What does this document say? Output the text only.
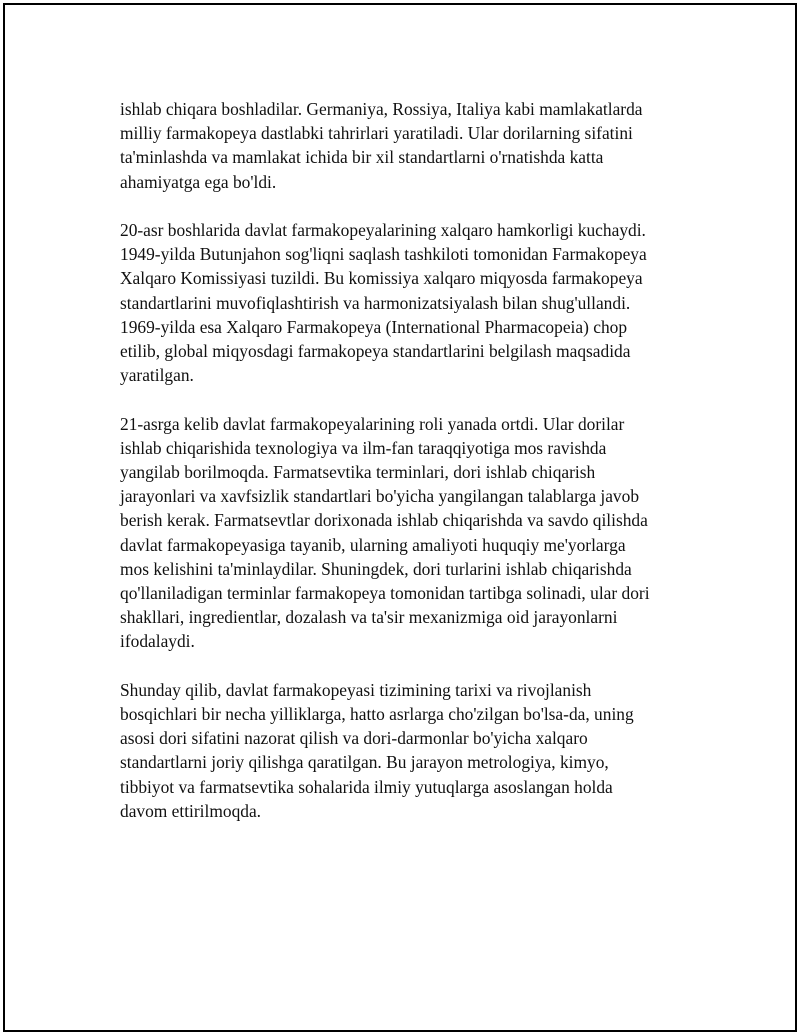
ishlab chiqara boshladilar. Germaniya, Rossiya, Italiya kabi mamlakatlarda
milliy farmakopeya dastlabki tahrirlari yaratiladi. Ular dorilarning sifatini
ta'minlashda va mamlakat ichida bir xil standartlarni o'rnatishda katta
ahamiyatga ega bo'ldi.

20-asr boshlarida davlat farmakopeyalarining xalqaro hamkorligi kuchaydi.
1949-yilda Butunjahon sog'liqni saqlash tashkiloti tomonidan Farmakopeya
Xalqaro Komissiyasi tuzildi. Bu komissiya xalqaro miqyosda farmakopeya
standartlarini muvofiqlashtirish va harmonizatsiyalash bilan shug'ullandi.
1969-yilda esa Xalqaro Farmakopeya (International Pharmacopeia) chop
etilib, global miqyosdagi farmakopeya standartlarini belgilash maqsadida
yaratilgan.

21-asrga kelib davlat farmakopeyalarining roli yanada ortdi. Ular dorilar
ishlab chiqarishida texnologiya va ilm-fan taraqqiyotiga mos ravishda
yangilab borilmoqda. Farmatsevtika terminlari, dori ishlab chiqarish
jarayonlari va xavfsizlik standartlari bo'yicha yangilangan talablarga javob
berish kerak. Farmatsevtlar dorixonada ishlab chiqarishda va savdo qilishda
davlat farmakopeyasiga tayanib, ularning amaliyoti huquqiy me'yorlarga
mos kelishini ta'minlaydilar. Shuningdek, dori turlarini ishlab chiqarishda
qo'llaniladigan terminlar farmakopeya tomonidan tartibga solinadi, ular dori
shakllari, ingredientlar, dozalash va ta'sir mexanizmiga oid jarayonlarni
ifodalaydi.

Shunday qilib, davlat farmakopeyasi tizimining tarixi va rivojlanish
bosqichlari bir necha yilliklarga, hatto asrlarga cho'zilgan bo'lsa-da, uning
asosi dori sifatini nazorat qilish va dori-darmonlar bo'yicha xalqaro
standartlarni joriy qilishga qaratilgan. Bu jarayon metrologiya, kimyo,
tibbiyot va farmatsevtika sohalarida ilmiy yutuqlarga asoslangan holda
davom ettirilmoqda.
